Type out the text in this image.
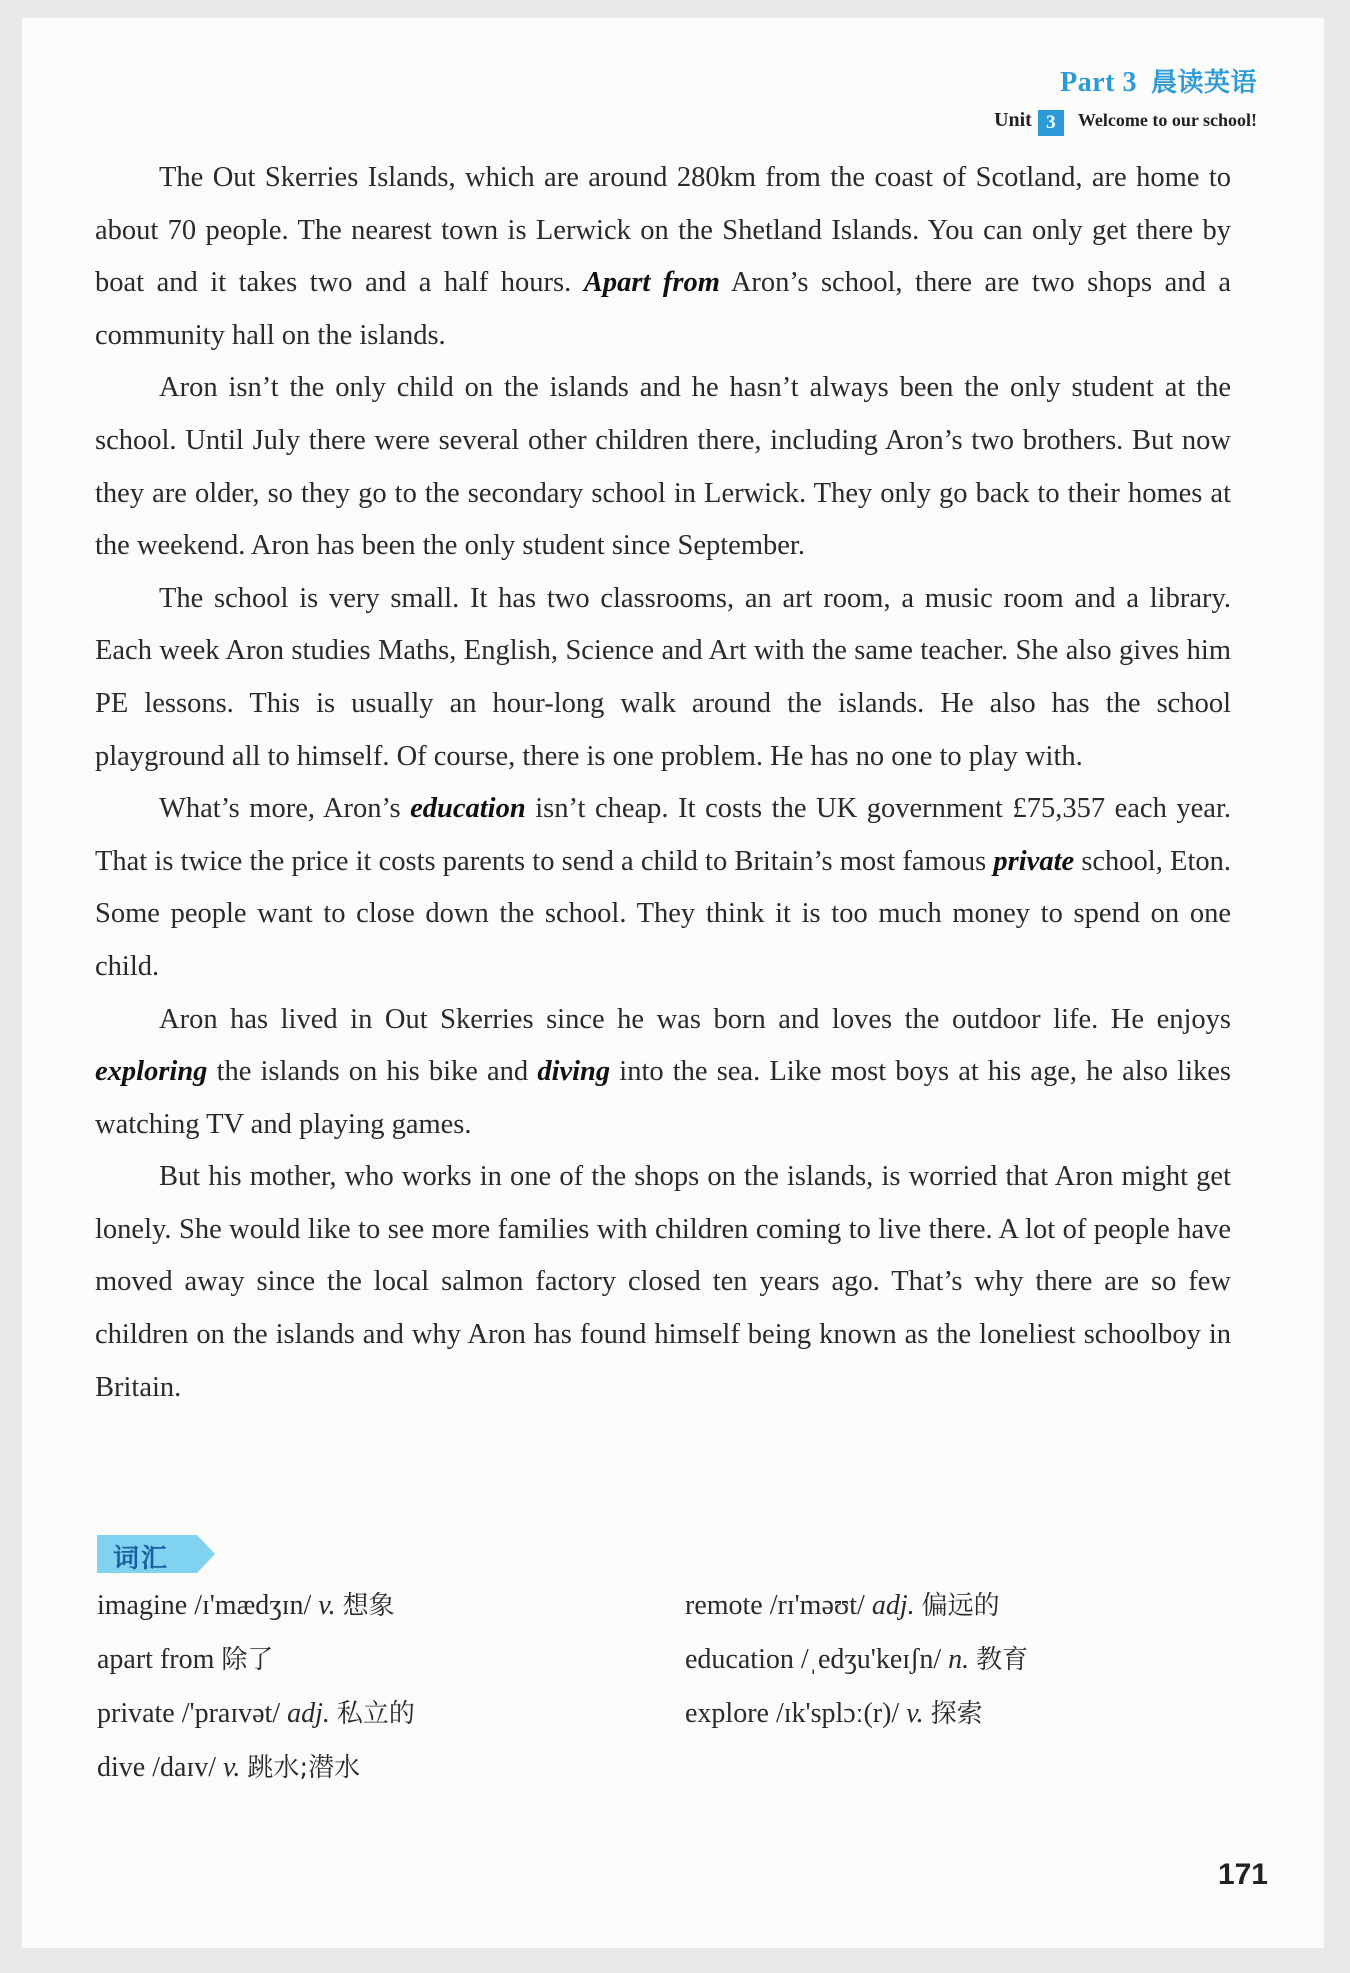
Part 3 晨读英语
Unit 3 Welcome to our school!

The Out Skerries Islands, which are around 280km from the coast of Scotland, are home to about 70 people. The nearest town is Lerwick on the Shetland Islands. You can only get there by boat and it takes two and a half hours. Apart from Aron’s school, there are two shops and a community hall on the islands.

Aron isn’t the only child on the islands and he hasn’t always been the only student at the school. Until July there were several other children there, including Aron’s two brothers. But now they are older, so they go to the secondary school in Lerwick. They only go back to their homes at the weekend. Aron has been the only student since September.

The school is very small. It has two classrooms, an art room, a music room and a library. Each week Aron studies Maths, English, Science and Art with the same teacher. She also gives him PE lessons. This is usually an hour-long walk around the islands. He also has the school playground all to himself. Of course, there is one problem. He has no one to play with.

What’s more, Aron’s education isn’t cheap. It costs the UK government £75,357 each year. That is twice the price it costs parents to send a child to Britain’s most famous private school, Eton. Some people want to close down the school. They think it is too much money to spend on one child.

Aron has lived in Out Skerries since he was born and loves the outdoor life. He enjoys exploring the islands on his bike and diving into the sea. Like most boys at his age, he also likes watching TV and playing games.

But his mother, who works in one of the shops on the islands, is worried that Aron might get lonely. She would like to see more families with children coming to live there. A lot of people have moved away since the local salmon factory closed ten years ago. That’s why there are so few children on the islands and why Aron has found himself being known as the loneliest schoolboy in Britain.

词汇
imagine /ɪ'mædʒɪn/ v. 想象	remote /rɪ'məʊt/ adj. 偏远的
apart from 除了	education /ˌedʒu'keɪʃn/ n. 教育
private /'praɪvət/ adj. 私立的	explore /ɪk'splɔː(r)/ v. 探索
dive /daɪv/ v. 跳水;潜水
171
